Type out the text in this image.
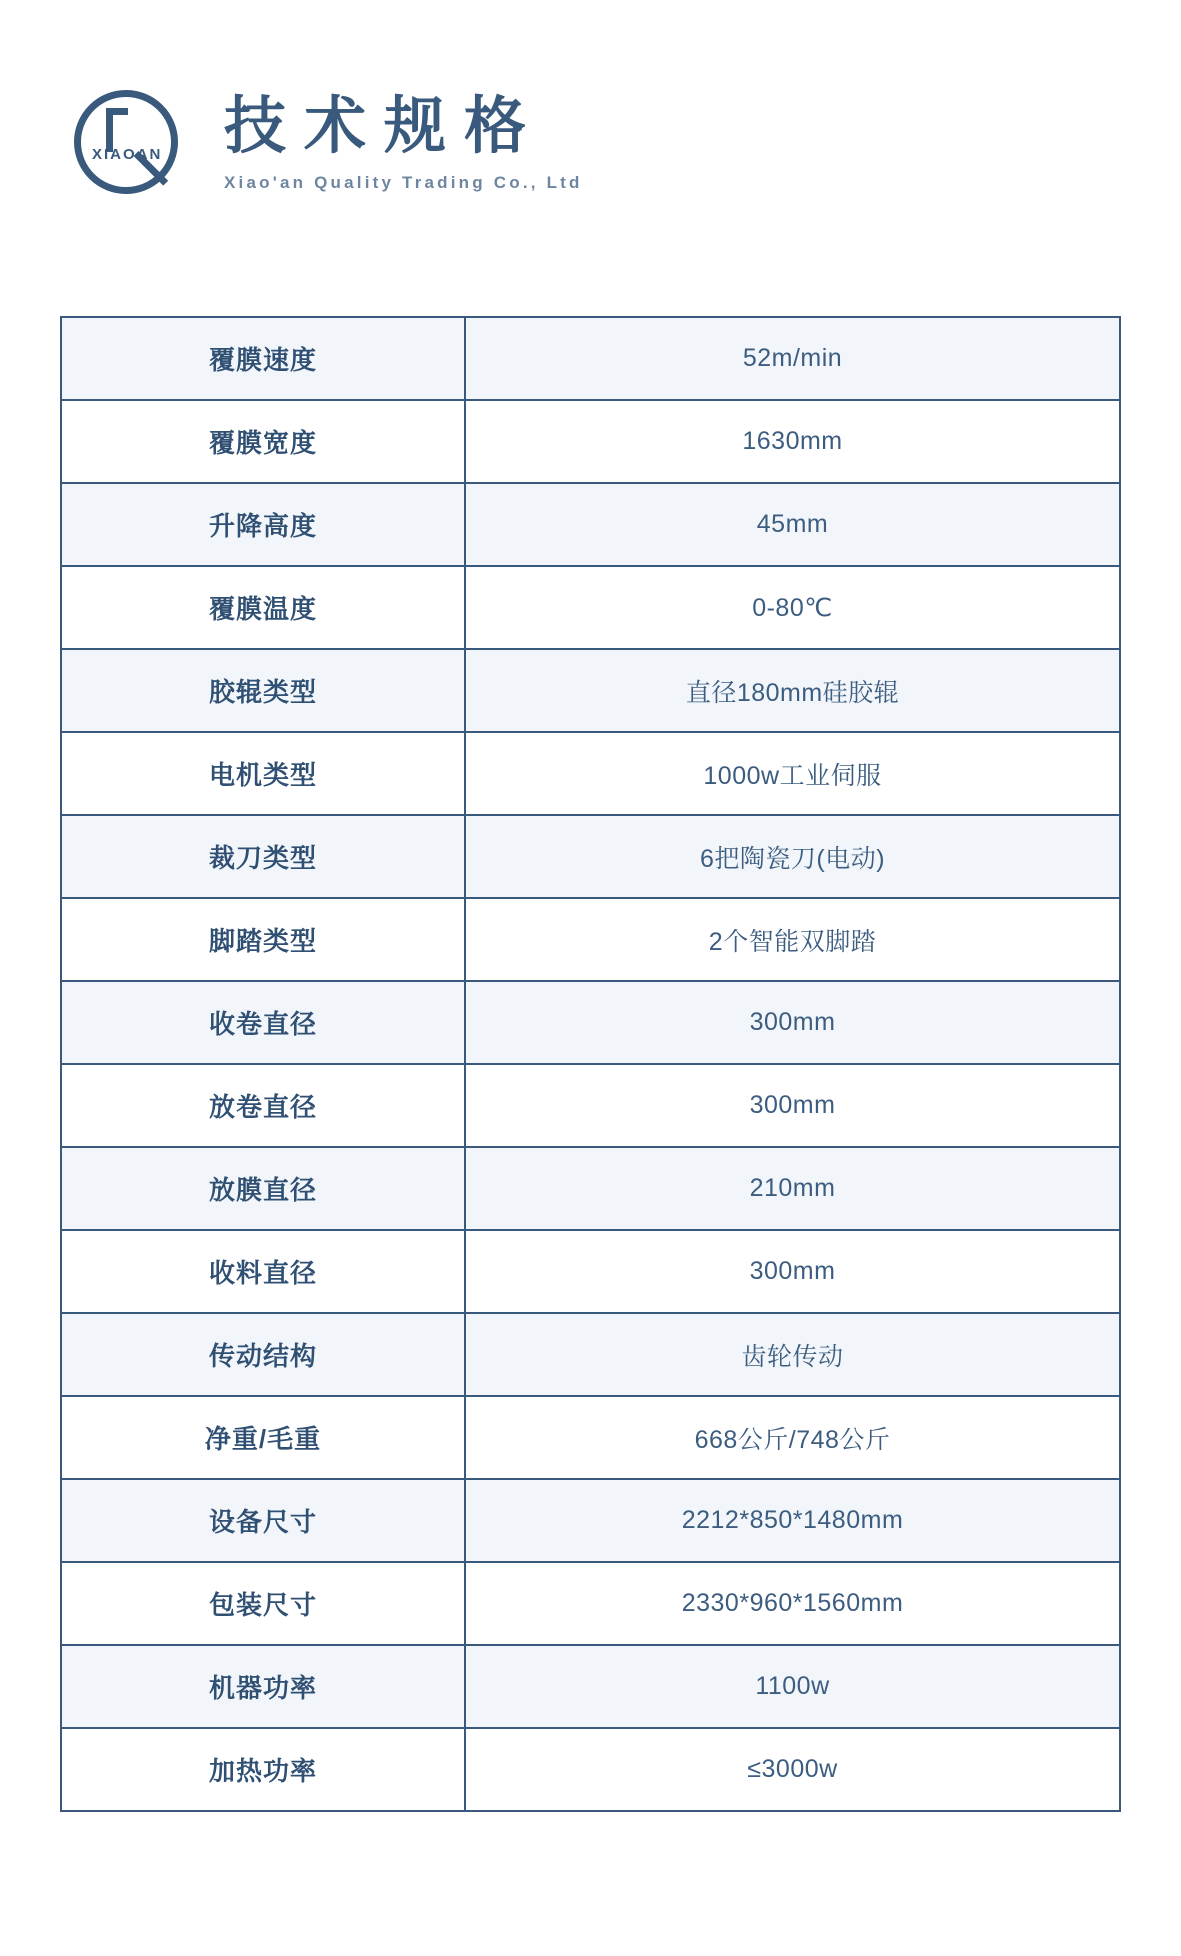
XIAOAN 技术规格
Xiao'an Quality Trading Co., Ltd
覆膜速度	52m/min
覆膜宽度	1630mm
升降高度	45mm
覆膜温度	0-80℃
胶辊类型	直径180mm硅胶辊
电机类型	1000w工业伺服
裁刀类型	6把陶瓷刀(电动)
脚踏类型	2个智能双脚踏
收卷直径	300mm
放卷直径	300mm
放膜直径	210mm
收料直径	300mm
传动结构	齿轮传动
净重/毛重	668公斤/748公斤
设备尺寸	2212*850*1480mm
包装尺寸	2330*960*1560mm
机器功率	1100w
加热功率	≤3000w
